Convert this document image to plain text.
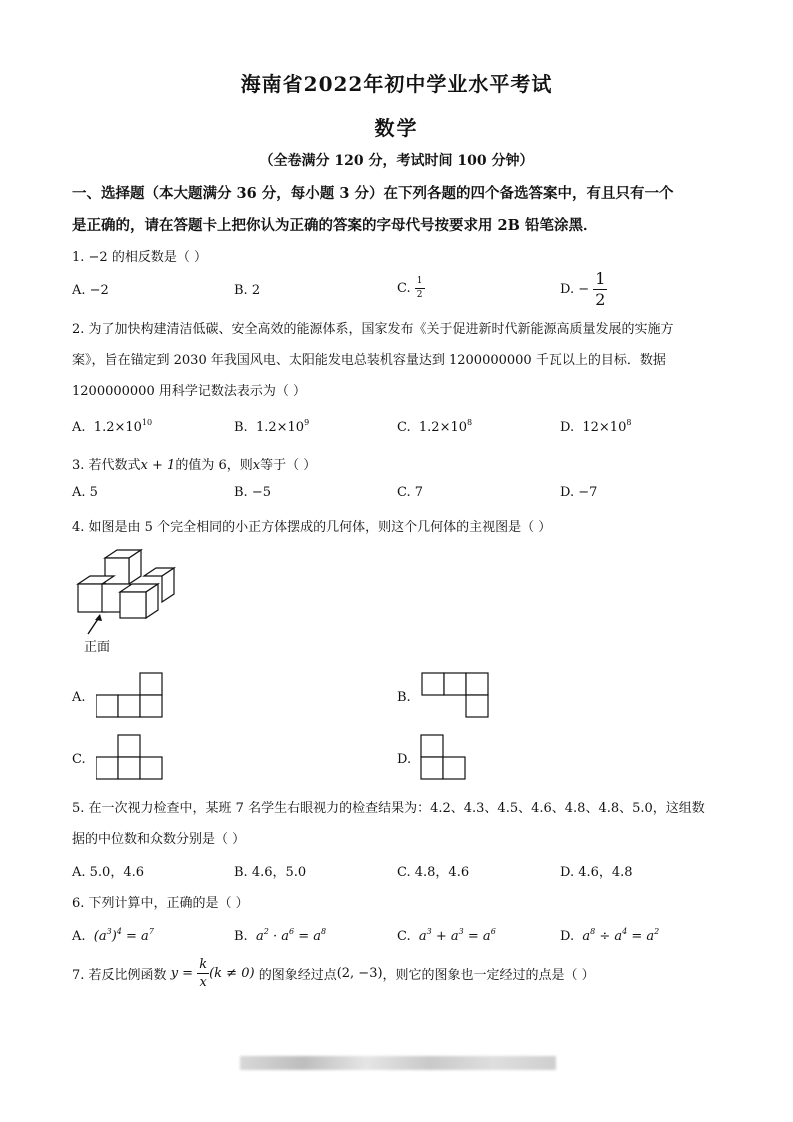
海南省2022年初中学业水平考试
数学
（全卷满分 120 分，考试时间 100 分钟）
一、选择题（本大题满分 36 分，每小题 3 分）在下列各题的四个备选答案中，有且只有一个
是正确的，请在答题卡上把你认为正确的答案的字母代号按要求用 2B 铅笔涂黑．
1. −2 的相反数是（ ）
A. −2	B. 2	C. $\frac{1}{2}$	D. − $\frac{1}{2}$
2. 为了加快构建清洁低碳、安全高效的能源体系，国家发布《关于促进新时代新能源高质量发展的实施方
案》，旨在锚定到 2030 年我国风电、太阳能发电总装机容量达到 1200000000 千瓦以上的目标．数据
1200000000 用科学记数法表示为（ ）
A. $1.2\times 10^{10}$	B. $1.2\times 10^9$	C. $1.2\times 10^8$	D. $12\times 10^8$
3. 若代数式x + 1的值为 6，则x等于（ ）
A. 5	B. −5	C. 7	D. −7
4. 如图是由 5 个完全相同的小正方体摆成的几何体，则这个几何体的主视图是（ ）
正面
A.	B.
C.	D.
5. 在一次视力检查中，某班 7 名学生右眼视力的检查结果为：4.2、4.3、4.5、4.6、4.8、4.8、5.0，这组数
据的中位数和众数分别是（ ）
A. 5.0，4.6	B. 4.6，5.0	C. 4.8，4.6	D. 4.6，4.8
6. 下列计算中，正确的是（ ）
A. $(a^3)^4 = a^7$	B. $a^2 \cdot a^6 = a^8$	C. $a^3 + a^3 = a^6$	D. $a^8 \div a^4 = a^2$
7. 若反比例函数 $y = \frac{k}{x} (k \ne 0)$ 的图象经过点(2, −3)，则它的图象也一定经过的点是（ ）
